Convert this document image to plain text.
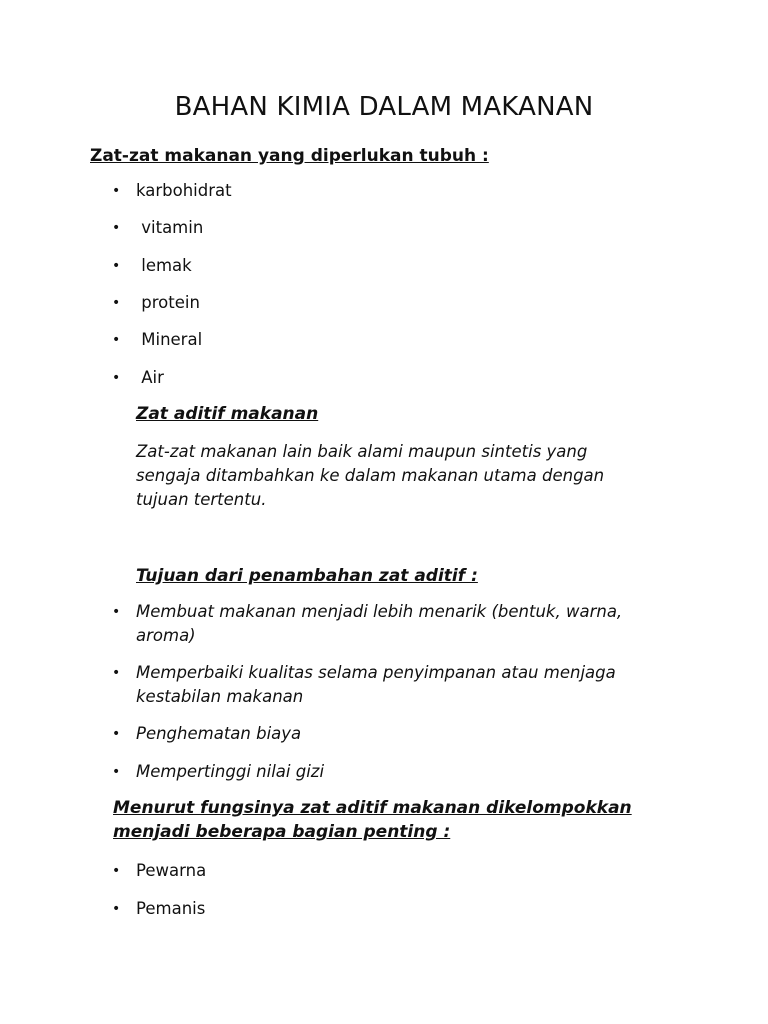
BAHAN KIMIA DALAM MAKANAN

Zat-zat makanan yang diperlukan tubuh :

• karbohidrat
• vitamin
• lemak
• protein
• Mineral
• Air

Zat aditif makanan

Zat-zat makanan lain baik alami maupun sintetis yang sengaja ditambahkan ke dalam makanan utama dengan tujuan tertentu.

Tujuan dari penambahan zat aditif :

• Membuat makanan menjadi lebih menarik (bentuk, warna, aroma)
• Memperbaiki kualitas selama penyimpanan atau menjaga kestabilan makanan
• Penghematan biaya
• Mempertinggi nilai gizi

Menurut fungsinya zat aditif makanan dikelompokkan menjadi beberapa bagian penting :

• Pewarna
• Pemanis
